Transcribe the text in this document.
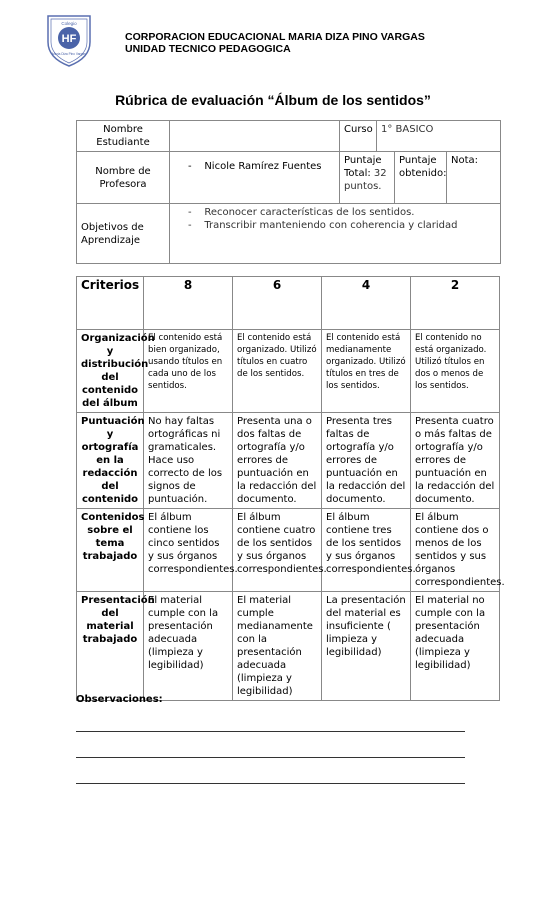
HF
Colegio
María Diza Pino Vargas
CORPORACION EDUCACIONAL MARIA DIZA PINO VARGAS
UNIDAD TECNICO PEDAGOGICA
Rúbrica de evaluación “Álbum de los sentidos”
Nombre Estudiante		Curso	1° BASICO		
Nombre de Profesora	-    Nicole Ramírez Fuentes	Puntaje Total: 32 puntos.		Puntaje obtenido:	Nota:
Objetivos de Aprendizaje	-    Reconocer características de los sentidos.
-    Transcribir manteniendo con coherencia y claridad				
Criterios	8	6	4	2
Organización y distribución del contenido del álbum	El contenido está bien organizado, usando títulos en cada uno de los sentidos.	El contenido está organizado. Utilizó títulos en cuatro de los sentidos.	El contenido está medianamente organizado. Utilizó títulos en tres de los sentidos.	El contenido no está organizado. Utilizó títulos en dos o menos de los sentidos.
Puntuación y ortografía en la redacción del contenido	No hay faltas ortográficas ni gramaticales. Hace uso correcto de los signos de puntuación.	Presenta una o dos faltas de ortografía y/o errores de puntuación en la redacción del documento.	Presenta tres faltas de ortografía y/o errores de puntuación en la redacción del documento.	Presenta cuatro o más faltas de ortografía y/o errores de puntuación en la redacción del documento.
Contenidos sobre el tema trabajado	El álbum contiene los cinco sentidos y sus órganos correspondientes.	El álbum contiene cuatro de los sentidos y sus órganos correspondientes.	El álbum contiene tres de los sentidos y sus órganos correspondientes.	El álbum contiene dos o menos de los sentidos y sus órganos correspondientes.
Presentación del material trabajado	El material cumple con la presentación adecuada (limpieza y legibilidad)	El material cumple medianamente con la presentación adecuada (limpieza y legibilidad)	La presentación del material es insuficiente ( limpieza y legibilidad)	El material no cumple con la presentación adecuada (limpieza y legibilidad)
Observaciones:
